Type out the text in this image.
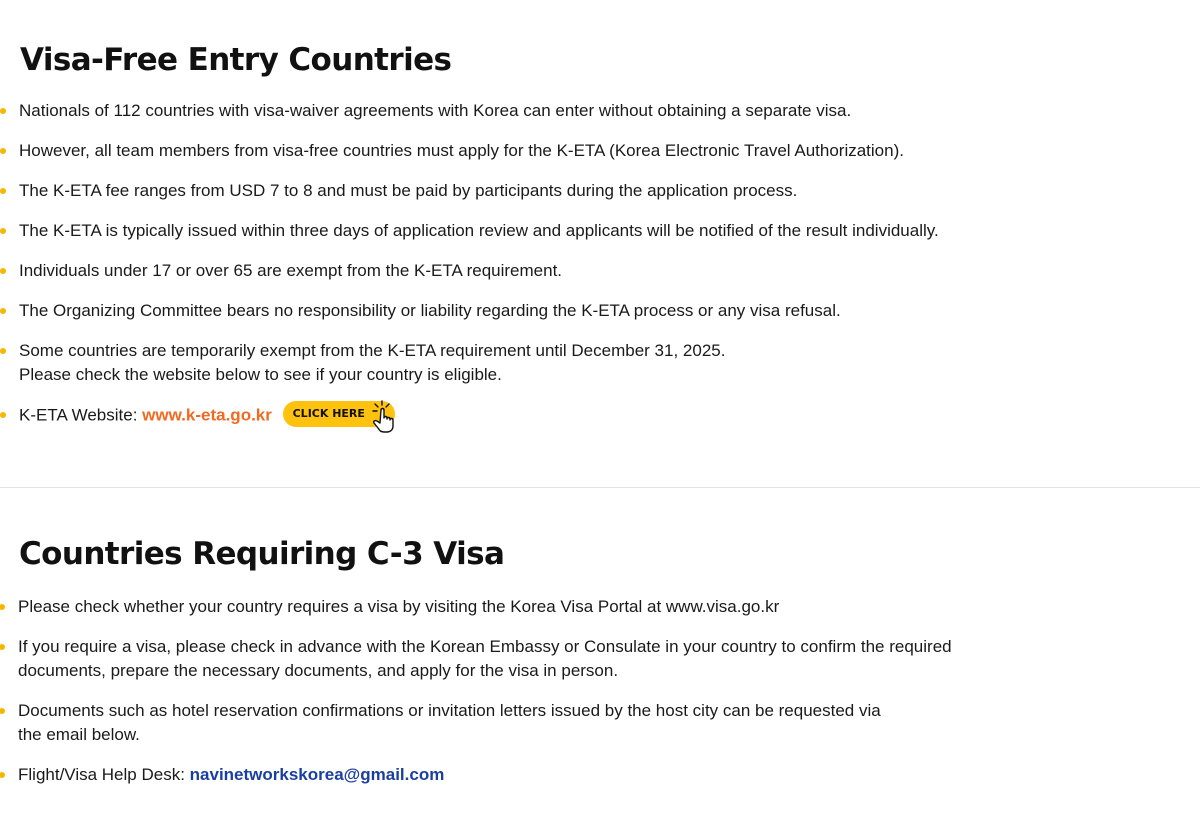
Visa-Free Entry Countries
Nationals of 112 countries with visa-waiver agreements with Korea can enter without obtaining a separate visa.
However, all team members from visa-free countries must apply for the K-ETA (Korea Electronic Travel Authorization).
The K-ETA fee ranges from USD 7 to 8 and must be paid by participants during the application process.
The K-ETA is typically issued within three days of application review and applicants will be notified of the result individually.
Individuals under 17 or over 65 are exempt from the K-ETA requirement.
The Organizing Committee bears no responsibility or liability regarding the K-ETA process or any visa refusal.
Some countries are temporarily exempt from the K-ETA requirement until December 31, 2025.
Please check the website below to see if your country is eligible.
K-ETA Website: www.k-eta.go.kr CLICK HERE
Countries Requiring C-3 Visa
Please check whether your country requires a visa by visiting the Korea Visa Portal at www.visa.go.kr
If you require a visa, please check in advance with the Korean Embassy or Consulate in your country to confirm the required
documents, prepare the necessary documents, and apply for the visa in person.
Documents such as hotel reservation confirmations or invitation letters issued by the host city can be requested via
the email below.
Flight/Visa Help Desk: navinetworkskorea@gmail.com
